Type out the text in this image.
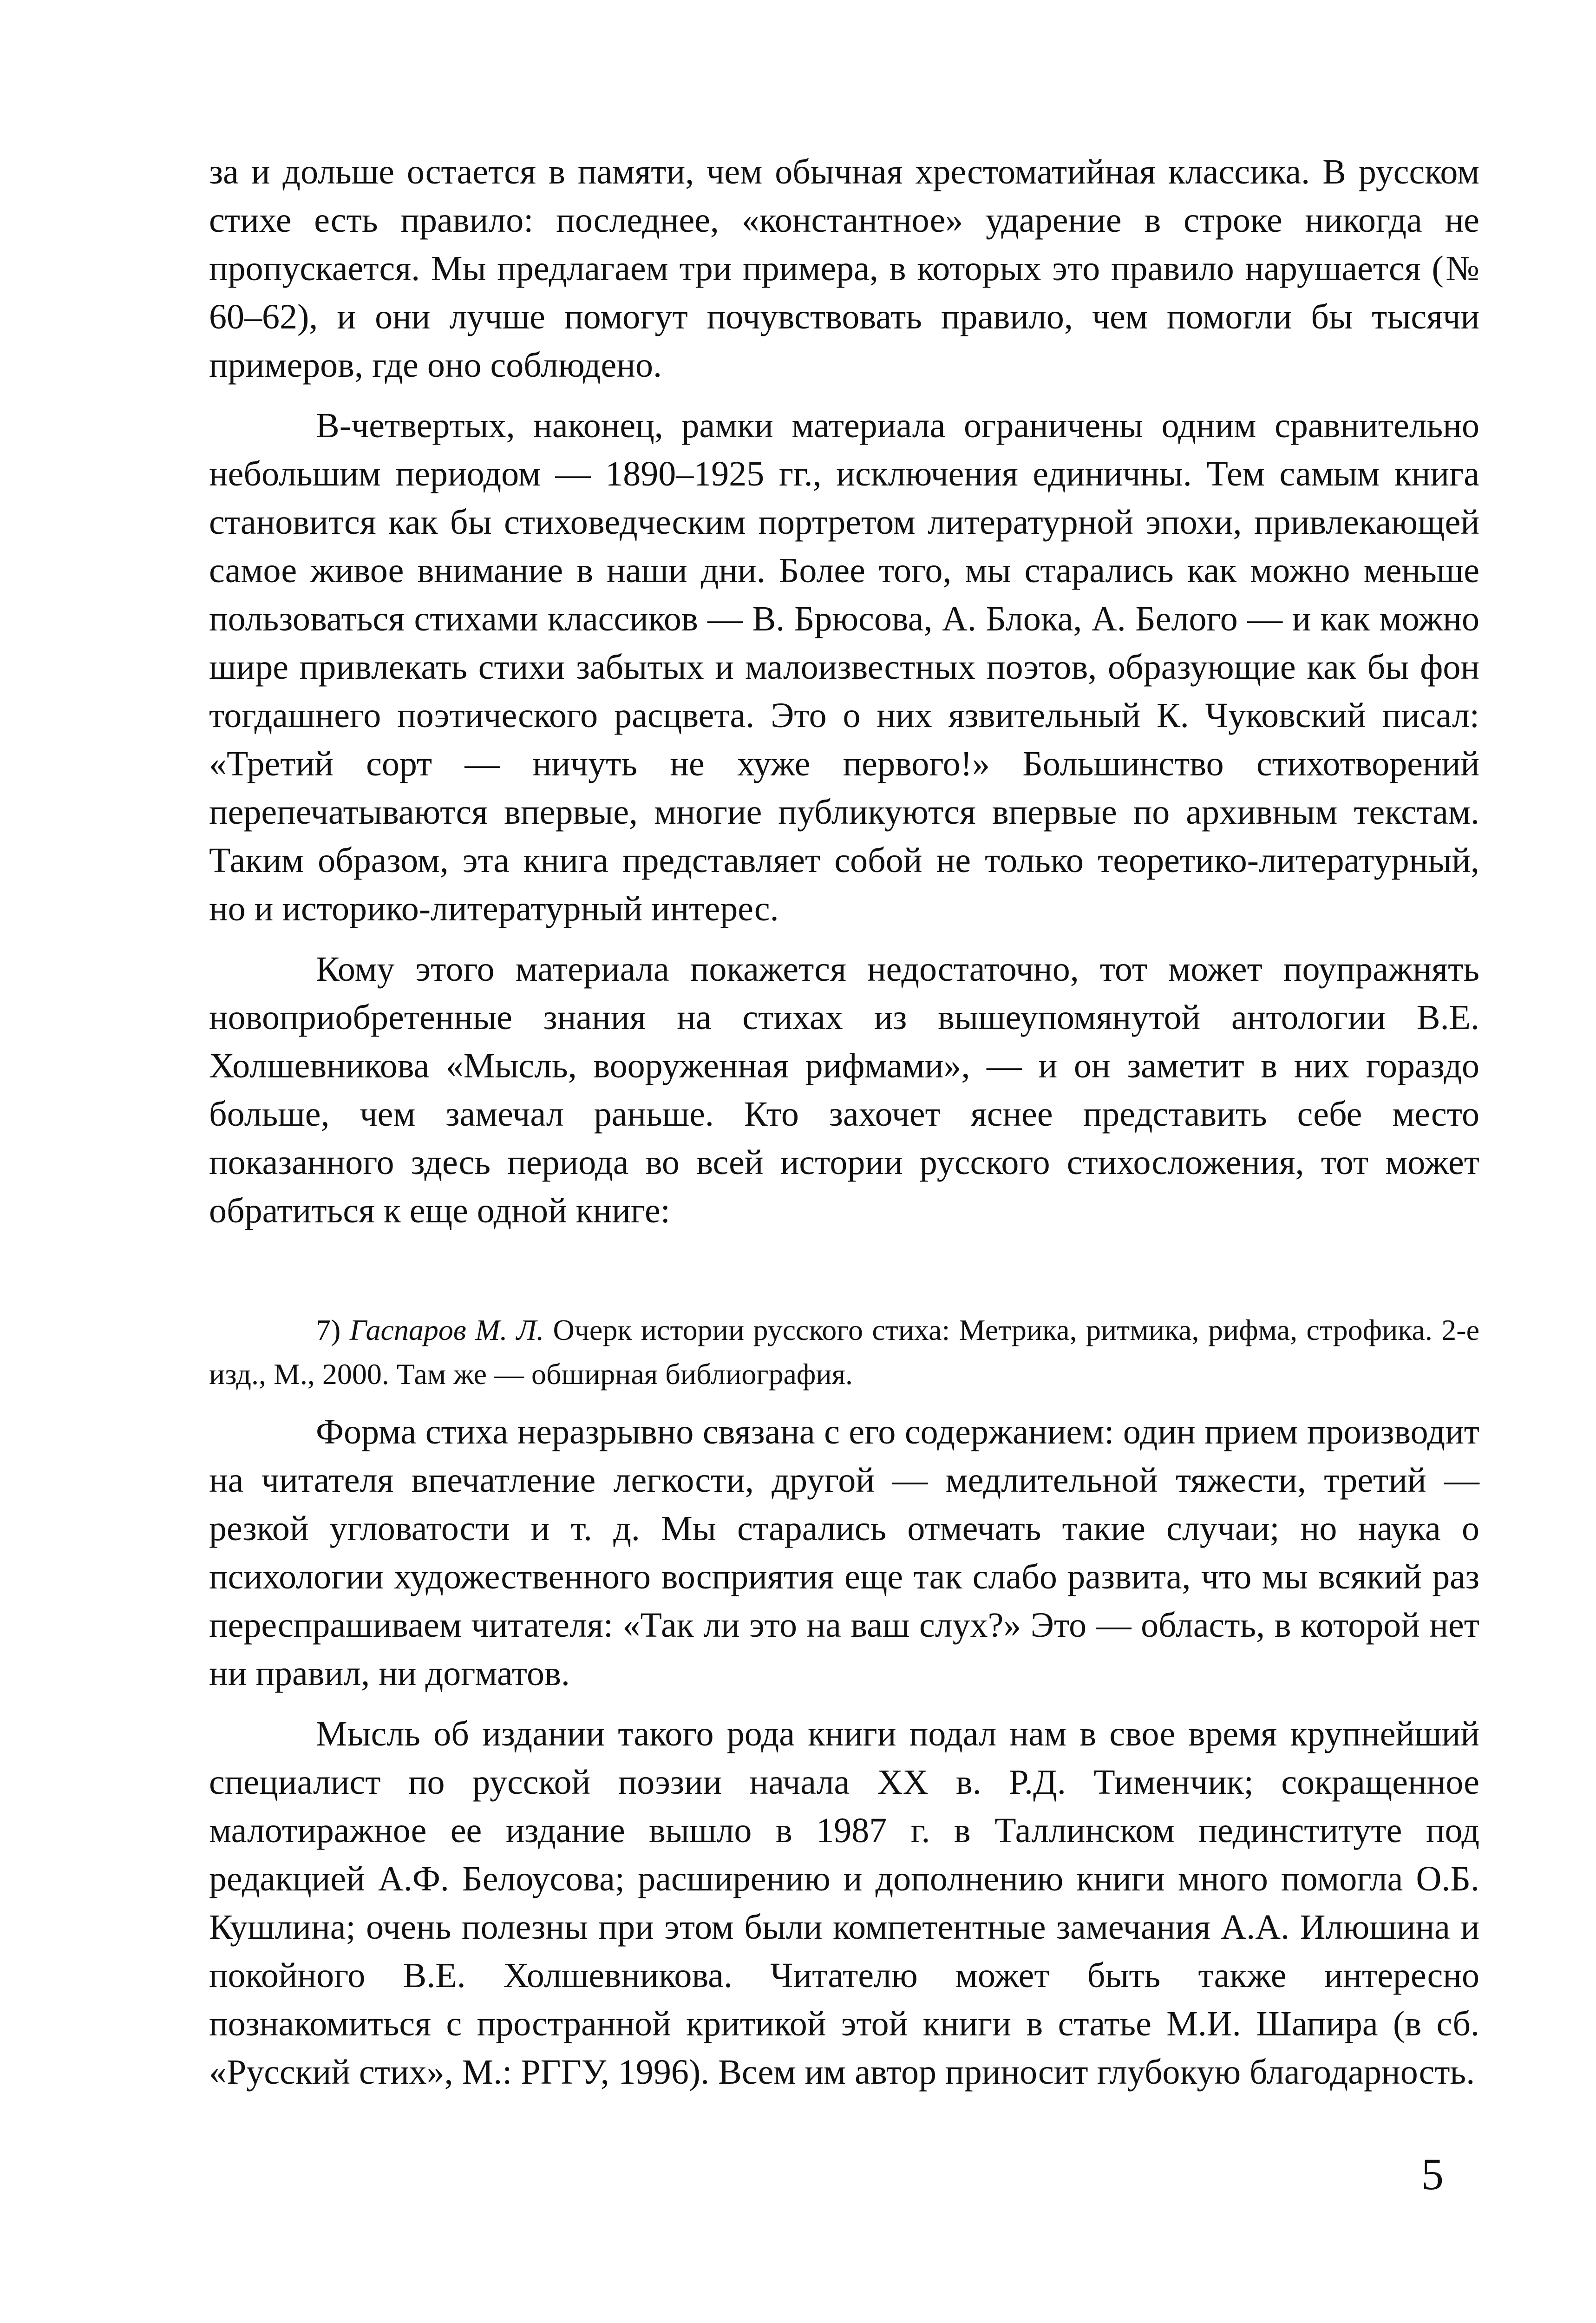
за и дольше остается в памяти, чем обычная хрестоматийная классика. В русском стихе есть правило: последнее, «константное» ударение в строке никогда не пропускается. Мы предлагаем три примера, в которых это правило нарушается (№ 60–62), и они лучше помогут почувствовать правило, чем помогли бы тысячи примеров, где оно соблюдено.

В-четвертых, наконец, рамки материала ограничены одним сравнительно небольшим периодом — 1890–1925 гг., исключения единичны. Тем самым книга становится как бы стиховедческим портретом литературной эпохи, привлекающей самое живое внимание в наши дни. Более того, мы старались как можно меньше пользоваться стихами классиков — В. Брюсова, А. Блока, А. Белого — и как можно шире привлекать стихи забытых и малоизвестных поэтов, образующие как бы фон тогдашнего поэтического расцвета. Это о них язвительный К. Чуковский писал: «Третий сорт — ничуть не хуже первого!» Большинство стихотворений перепечатываются впервые, многие публикуются впервые по архивным текстам. Таким образом, эта книга представляет собой не только теоретико-литературный, но и историко-литературный интерес.

Кому этого материала покажется недостаточно, тот может поупражнять новоприобретенные знания на стихах из вышеупомянутой антологии В.Е. Холшевникова «Мысль, вооруженная рифмами», — и он заметит в них гораздо больше, чем замечал раньше. Кто захочет яснее представить себе место показанного здесь периода во всей истории русского стихосложения, тот может обратиться к еще одной книге:

7) Гаспаров М. Л. Очерк истории русского стиха: Метрика, ритмика, рифма, строфика. 2-е изд., М., 2000. Там же — обширная библиография.

Форма стиха неразрывно связана с его содержанием: один прием производит на читателя впечатление легкости, другой — медлительной тяжести, третий — резкой угловатости и т. д. Мы старались отмечать такие случаи; но наука о психологии художественного восприятия еще так слабо развита, что мы всякий раз переспрашиваем читателя: «Так ли это на ваш слух?» Это — область, в которой нет ни правил, ни догматов.

Мысль об издании такого рода книги подал нам в свое время крупнейший специалист по русской поэзии начала XX в. Р.Д. Тименчик; сокращенное малотиражное ее издание вышло в 1987 г. в Таллинском пединституте под редакцией А.Ф. Белоусова; расширению и дополнению книги много помогла О.Б. Кушлина; очень полезны при этом были компетентные замечания А.А. Илюшина и покойного В.Е. Холшевникова. Читателю может быть также интересно познакомиться с пространной критикой этой книги в статье М.И. Шапира (в сб. «Русский стих», М.: РГГУ, 1996). Всем им автор приносит глубокую благодарность.

5
